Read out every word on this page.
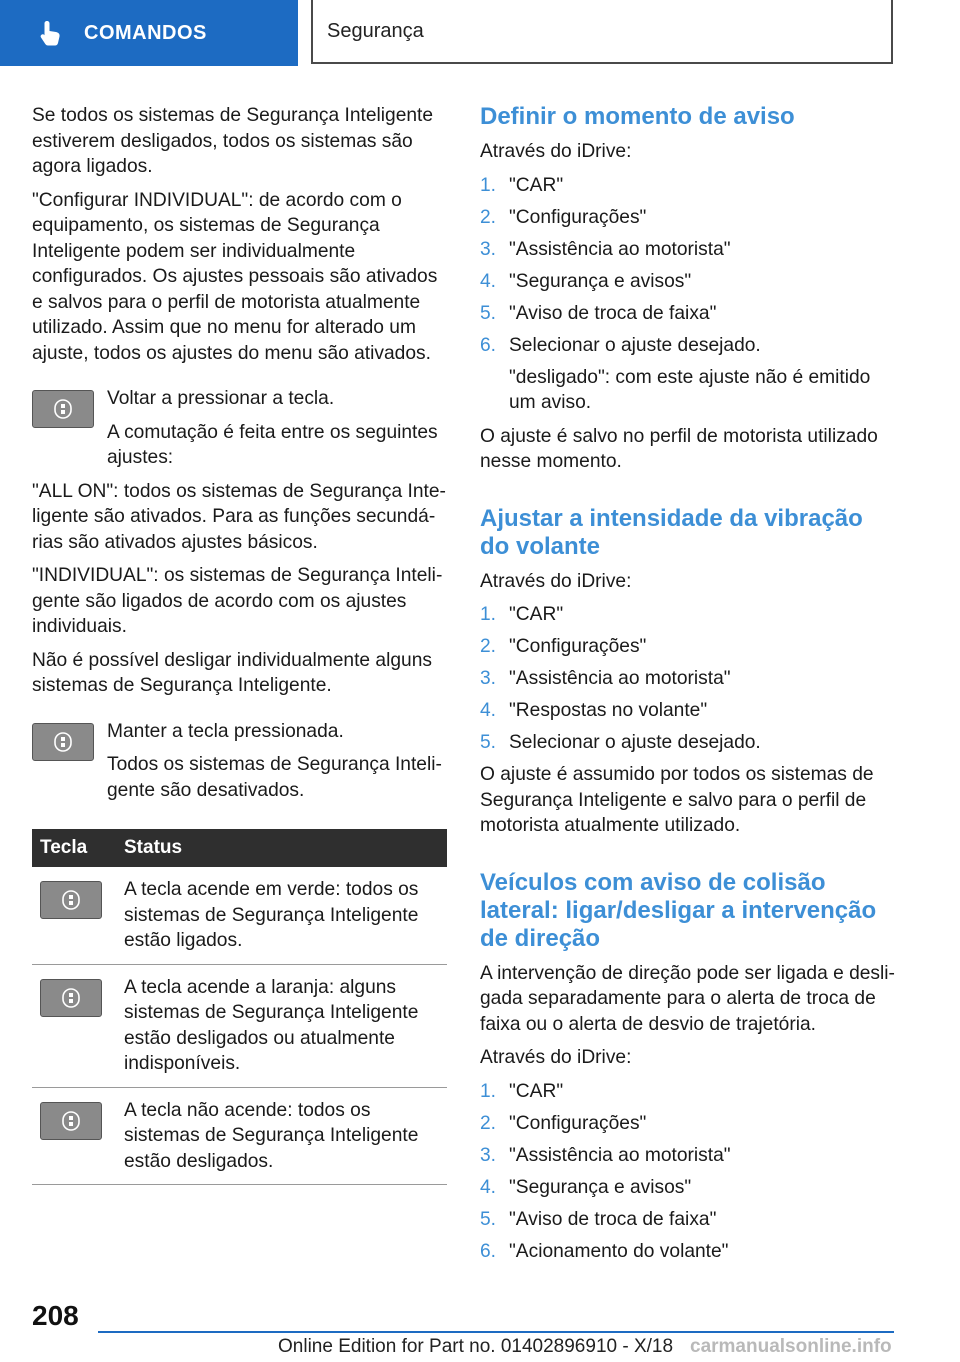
COMANDOS	Segurança

Se todos os sistemas de Segurança Inteligente estiverem desligados, todos os sistemas são agora ligados.

"Configurar INDIVIDUAL": de acordo com o equipamento, os sistemas de Segurança Inteligente podem ser individualmente configurados. Os ajustes pessoais são ativados e salvos para o perfil de motorista atualmente utilizado. Assim que no menu for alterado um ajuste, todos os ajustes do menu são ativados.

Voltar a pressionar a tecla.

A comutação é feita entre os seguintes ajustes:

"ALL ON": todos os sistemas de Segurança Inteligente são ativados. Para as funções secundárias são ativados ajustes básicos.

"INDIVIDUAL": os sistemas de Segurança Inteligente são ligados de acordo com os ajustes individuais.

Não é possível desligar individualmente alguns sistemas de Segurança Inteligente.

Manter a tecla pressionada.

Todos os sistemas de Segurança Inteligente são desativados.

Tecla	Status

	A tecla acende em verde: todos os sistemas de Segurança Inteligente estão ligados.

	A tecla acende a laranja: alguns sistemas de Segurança Inteligente estão desligados ou atualmente indisponíveis.

	A tecla não acende: todos os sistemas de Segurança Inteligente estão desligados.
Definir o momento de aviso

Através do iDrive:

1. "CAR"
2. "Configurações"
3. "Assistência ao motorista"
4. "Segurança e avisos"
5. "Aviso de troca de faixa"
6. Selecionar o ajuste desejado.

"desligado": com este ajuste não é emitido um aviso.

O ajuste é salvo no perfil de motorista utilizado nesse momento.

Ajustar a intensidade da vibração do volante

Através do iDrive:

1. "CAR"
2. "Configurações"
3. "Assistência ao motorista"
4. "Respostas no volante"
5. Selecionar o ajuste desejado.

O ajuste é assumido por todos os sistemas de Segurança Inteligente e salvo para o perfil de motorista atualmente utilizado.

Veículos com aviso de colisão lateral: ligar/desligar a intervenção de direção

A intervenção de direção pode ser ligada e desligada separadamente para o alerta de troca de faixa ou o alerta de desvio de trajetória.

Através do iDrive:

1. "CAR"
2. "Configurações"
3. "Assistência ao motorista"
4. "Segurança e avisos"
5. "Aviso de troca de faixa"
6. "Acionamento do volante"
208
Online Edition for Part no. 01402896910 - X/18 carmanualsonline.info
